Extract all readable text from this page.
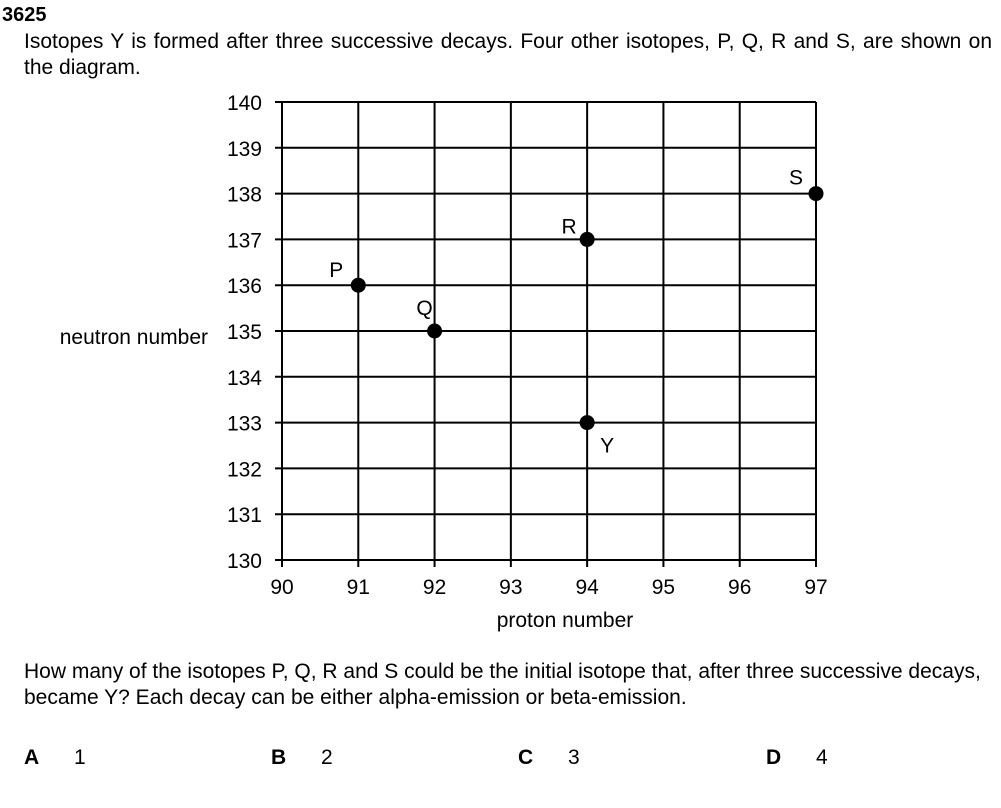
3625
Isotopes Y is formed after three successive decays. Four other isotopes, P, Q, R and S, are shown on the diagram.
90	91	92	93	94	95	96	97
130
131
132
133
134
135
136
137
138
139
140
P
Q
R
S
Y
proton number
neutron number
How many of the isotopes P, Q, R and S could be the initial isotope that, after three successive decays, became Y? Each decay can be either alpha-emission or beta-emission.
A 1	B 2	C 3	D 4
